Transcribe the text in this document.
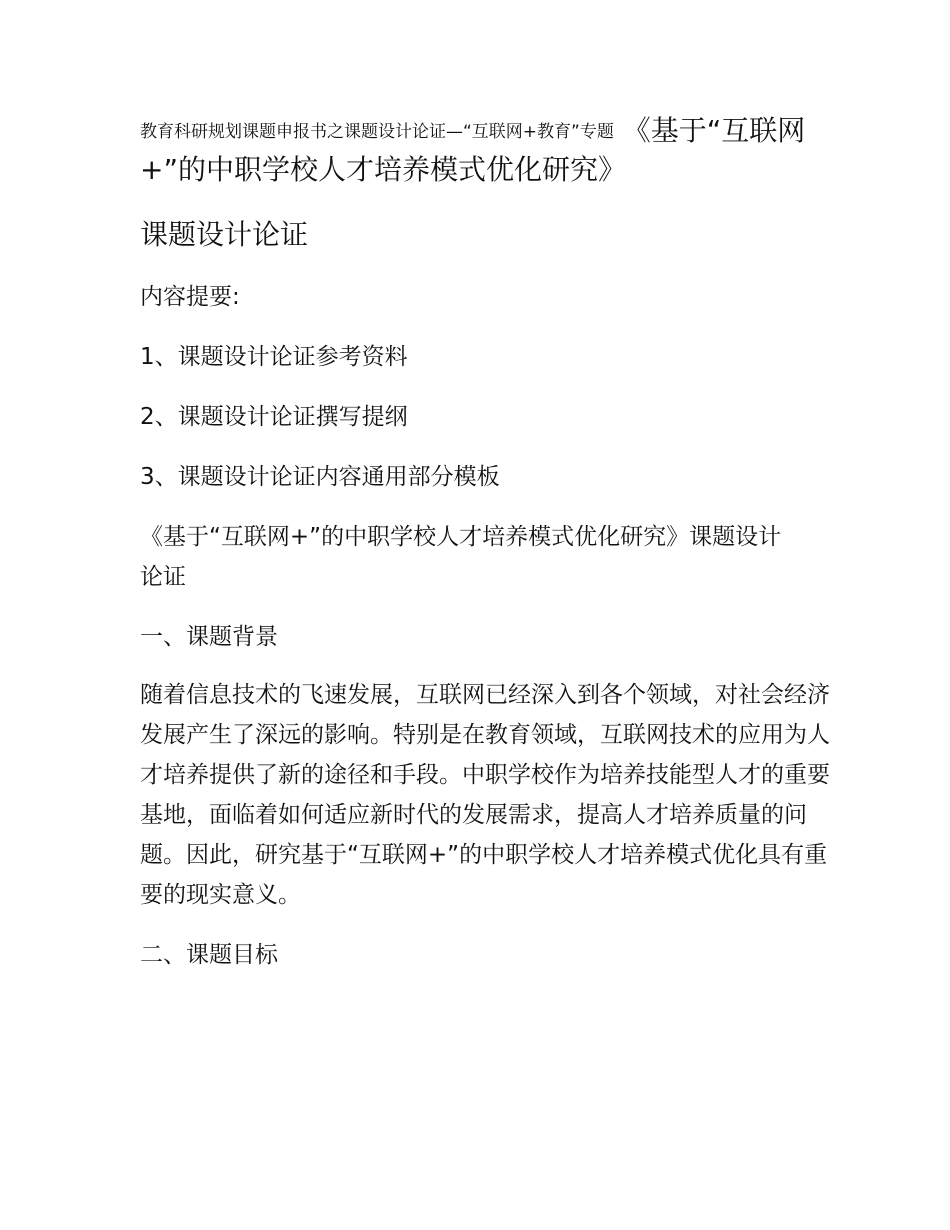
教育科研规划课题申报书之课题设计论证—“互联网+教育”专题 《基于“互联网+”的中职学校人才培养模式优化研究》
课题设计论证

内容提要:

1、课题设计论证参考资料

2、课题设计论证撰写提纲

3、课题设计论证内容通用部分模板

《基于“互联网+”的中职学校人才培养模式优化研究》课题设计论证

一、课题背景

随着信息技术的飞速发展，互联网已经深入到各个领域，对社会经济发展产生了深远的影响。特别是在教育领域，互联网技术的应用为人才培养提供了新的途径和手段。中职学校作为培养技能型人才的重要基地，面临着如何适应新时代的发展需求，提高人才培养质量的问题。因此，研究基于“互联网+”的中职学校人才培养模式优化具有重要的现实意义。

二、课题目标
